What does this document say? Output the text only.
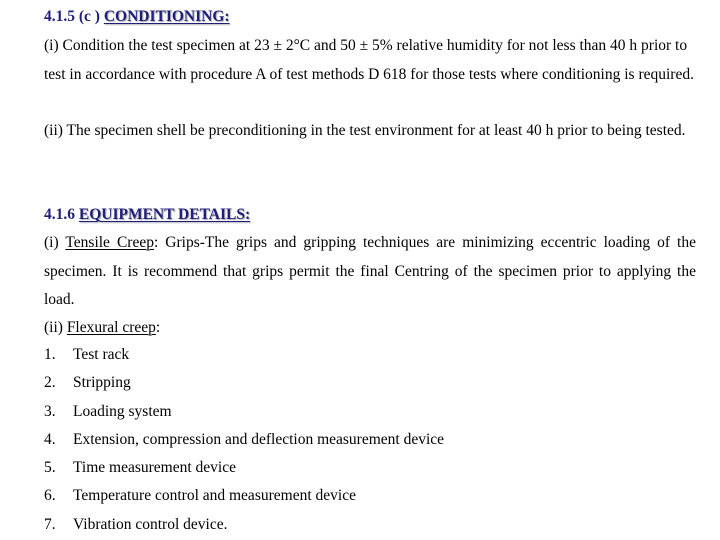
4.1.5 (c ) CONDITIONING:
(i) Condition the test specimen at 23 ± 2°C and 50 ± 5% relative humidity for not less than 40 h prior to test in accordance with procedure A of test methods D 618 for those tests where conditioning is required.
(ii) The specimen shell be preconditioning in the test environment for at least 40 h prior to being tested.
4.1.6 EQUIPMENT DETAILS:
(i) Tensile Creep: Grips-The grips and gripping techniques are minimizing eccentric loading of the specimen. It is recommend that grips permit the final Centring of the specimen prior to applying the load.
(ii) Flexural creep:
1.	Test rack
2.	Stripping
3.	Loading system
4.	Extension, compression and deflection measurement device
5.	Time measurement device
6.	Temperature control and measurement device
7.	Vibration control device.
